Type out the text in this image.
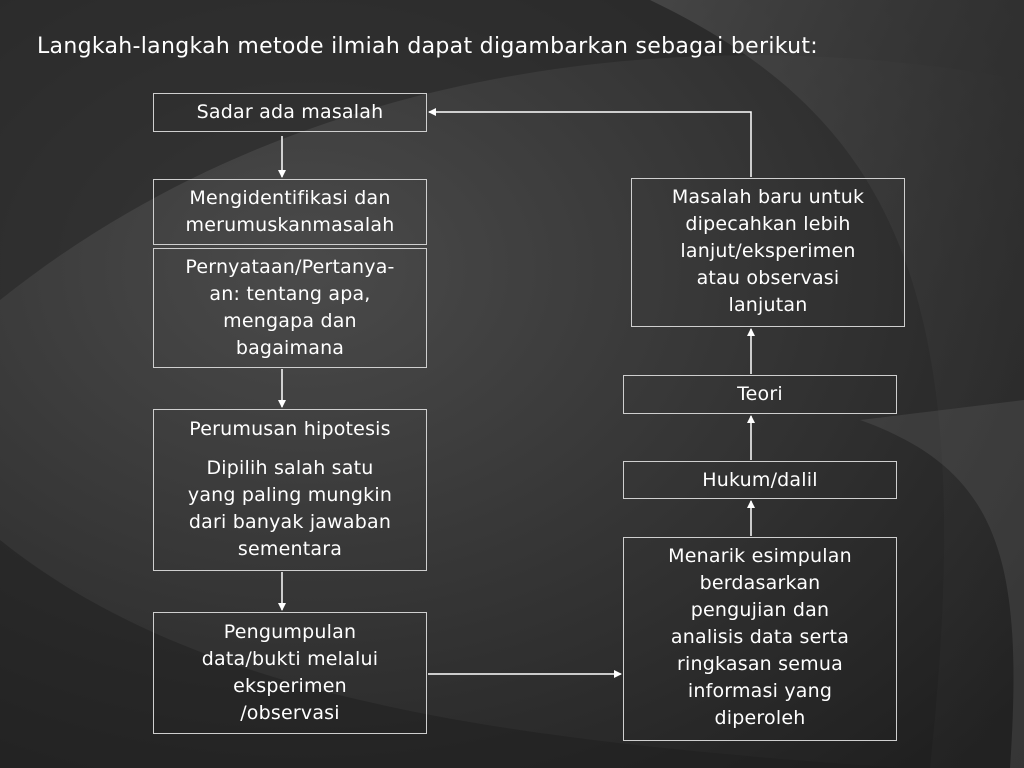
Langkah-langkah metode ilmiah dapat digambarkan sebagai berikut:
Sadar ada masalah
Mengidentifikasi dan
merumuskanmasalah
Pernyataan/Pertanya-
an: tentang apa,
mengapa dan
bagaimana
Perumusan hipotesis
Dipilih salah satu
yang paling mungkin
dari banyak jawaban
sementara
Pengumpulan
data/bukti melalui
eksperimen
/observasi
Masalah baru untuk
dipecahkan lebih
lanjut/eksperimen
atau observasi
lanjutan
Teori
Hukum/dalil
Menarik esimpulan
berdasarkan
pengujian dan
analisis data serta
ringkasan semua
informasi yang
diperoleh
